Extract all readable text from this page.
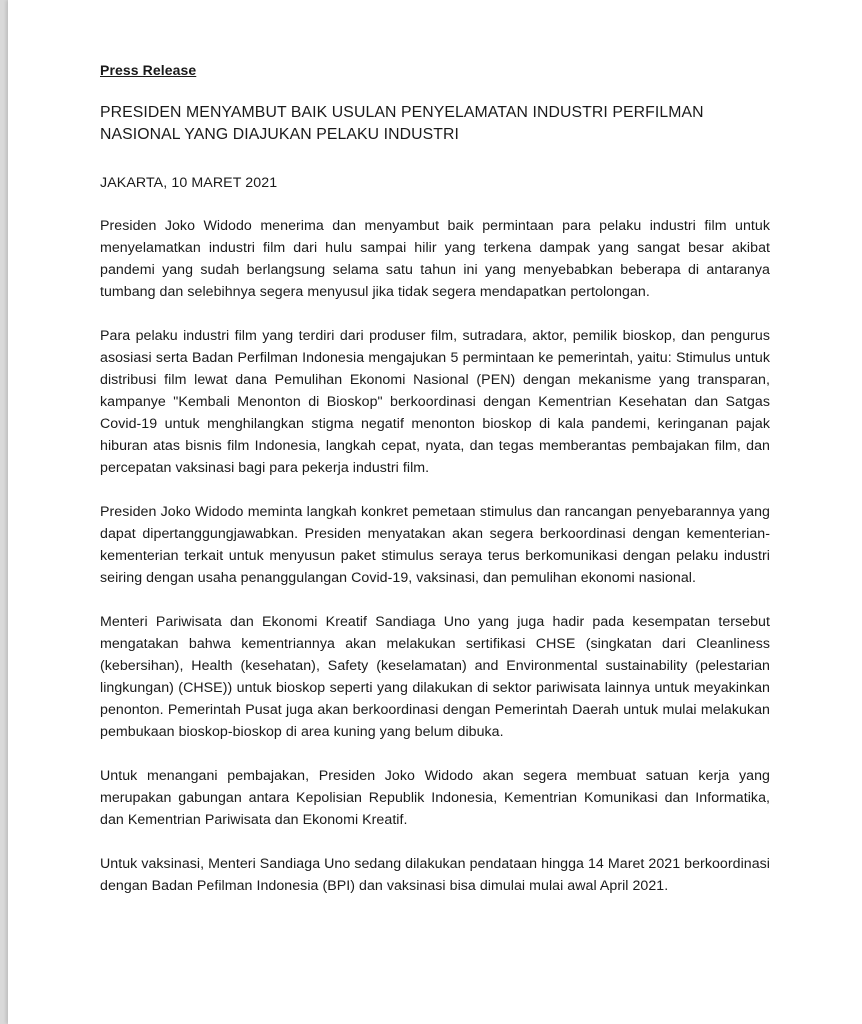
Press Release
PRESIDEN MENYAMBUT BAIK USULAN PENYELAMATAN INDUSTRI PERFILMAN NASIONAL YANG DIAJUKAN PELAKU INDUSTRI
JAKARTA, 10 MARET 2021

Presiden Joko Widodo menerima dan menyambut baik permintaan para pelaku industri film untuk menyelamatkan industri film dari hulu sampai hilir yang terkena dampak yang sangat besar akibat pandemi yang sudah berlangsung selama satu tahun ini yang menyebabkan beberapa di antaranya tumbang dan selebihnya segera menyusul jika tidak segera mendapatkan pertolongan.

Para pelaku industri film yang terdiri dari produser film, sutradara, aktor, pemilik bioskop, dan pengurus asosiasi serta Badan Perfilman Indonesia mengajukan 5 permintaan ke pemerintah, yaitu: Stimulus untuk distribusi film lewat dana Pemulihan Ekonomi Nasional (PEN) dengan mekanisme yang transparan, kampanye "Kembali Menonton di Bioskop" berkoordinasi dengan Kementrian Kesehatan dan Satgas Covid-19 untuk menghilangkan stigma negatif menonton bioskop di kala pandemi, keringanan pajak hiburan atas bisnis film Indonesia, langkah cepat, nyata, dan tegas memberantas pembajakan film, dan percepatan vaksinasi bagi para pekerja industri film.

Presiden Joko Widodo meminta langkah konkret pemetaan stimulus dan rancangan penyebarannya yang dapat dipertanggungjawabkan. Presiden menyatakan akan segera berkoordinasi dengan kementerian-kementerian terkait untuk menyusun paket stimulus seraya terus berkomunikasi dengan pelaku industri seiring dengan usaha penanggulangan Covid-19, vaksinasi, dan pemulihan ekonomi nasional.

Menteri Pariwisata dan Ekonomi Kreatif Sandiaga Uno yang juga hadir pada kesempatan tersebut mengatakan bahwa kementriannya akan melakukan sertifikasi CHSE (singkatan dari Cleanliness (kebersihan), Health (kesehatan), Safety (keselamatan) and Environmental sustainability (pelestarian lingkungan) (CHSE)) untuk bioskop seperti yang dilakukan di sektor pariwisata lainnya untuk meyakinkan penonton. Pemerintah Pusat juga akan berkoordinasi dengan Pemerintah Daerah untuk mulai melakukan pembukaan bioskop-bioskop di area kuning yang belum dibuka.

Untuk menangani pembajakan, Presiden Joko Widodo akan segera membuat satuan kerja yang merupakan gabungan antara Kepolisian Republik Indonesia, Kementrian Komunikasi dan Informatika, dan Kementrian Pariwisata dan Ekonomi Kreatif.

Untuk vaksinasi, Menteri Sandiaga Uno sedang dilakukan pendataan hingga 14 Maret 2021 berkoordinasi dengan Badan Pefilman Indonesia (BPI) dan vaksinasi bisa dimulai mulai awal April 2021.
